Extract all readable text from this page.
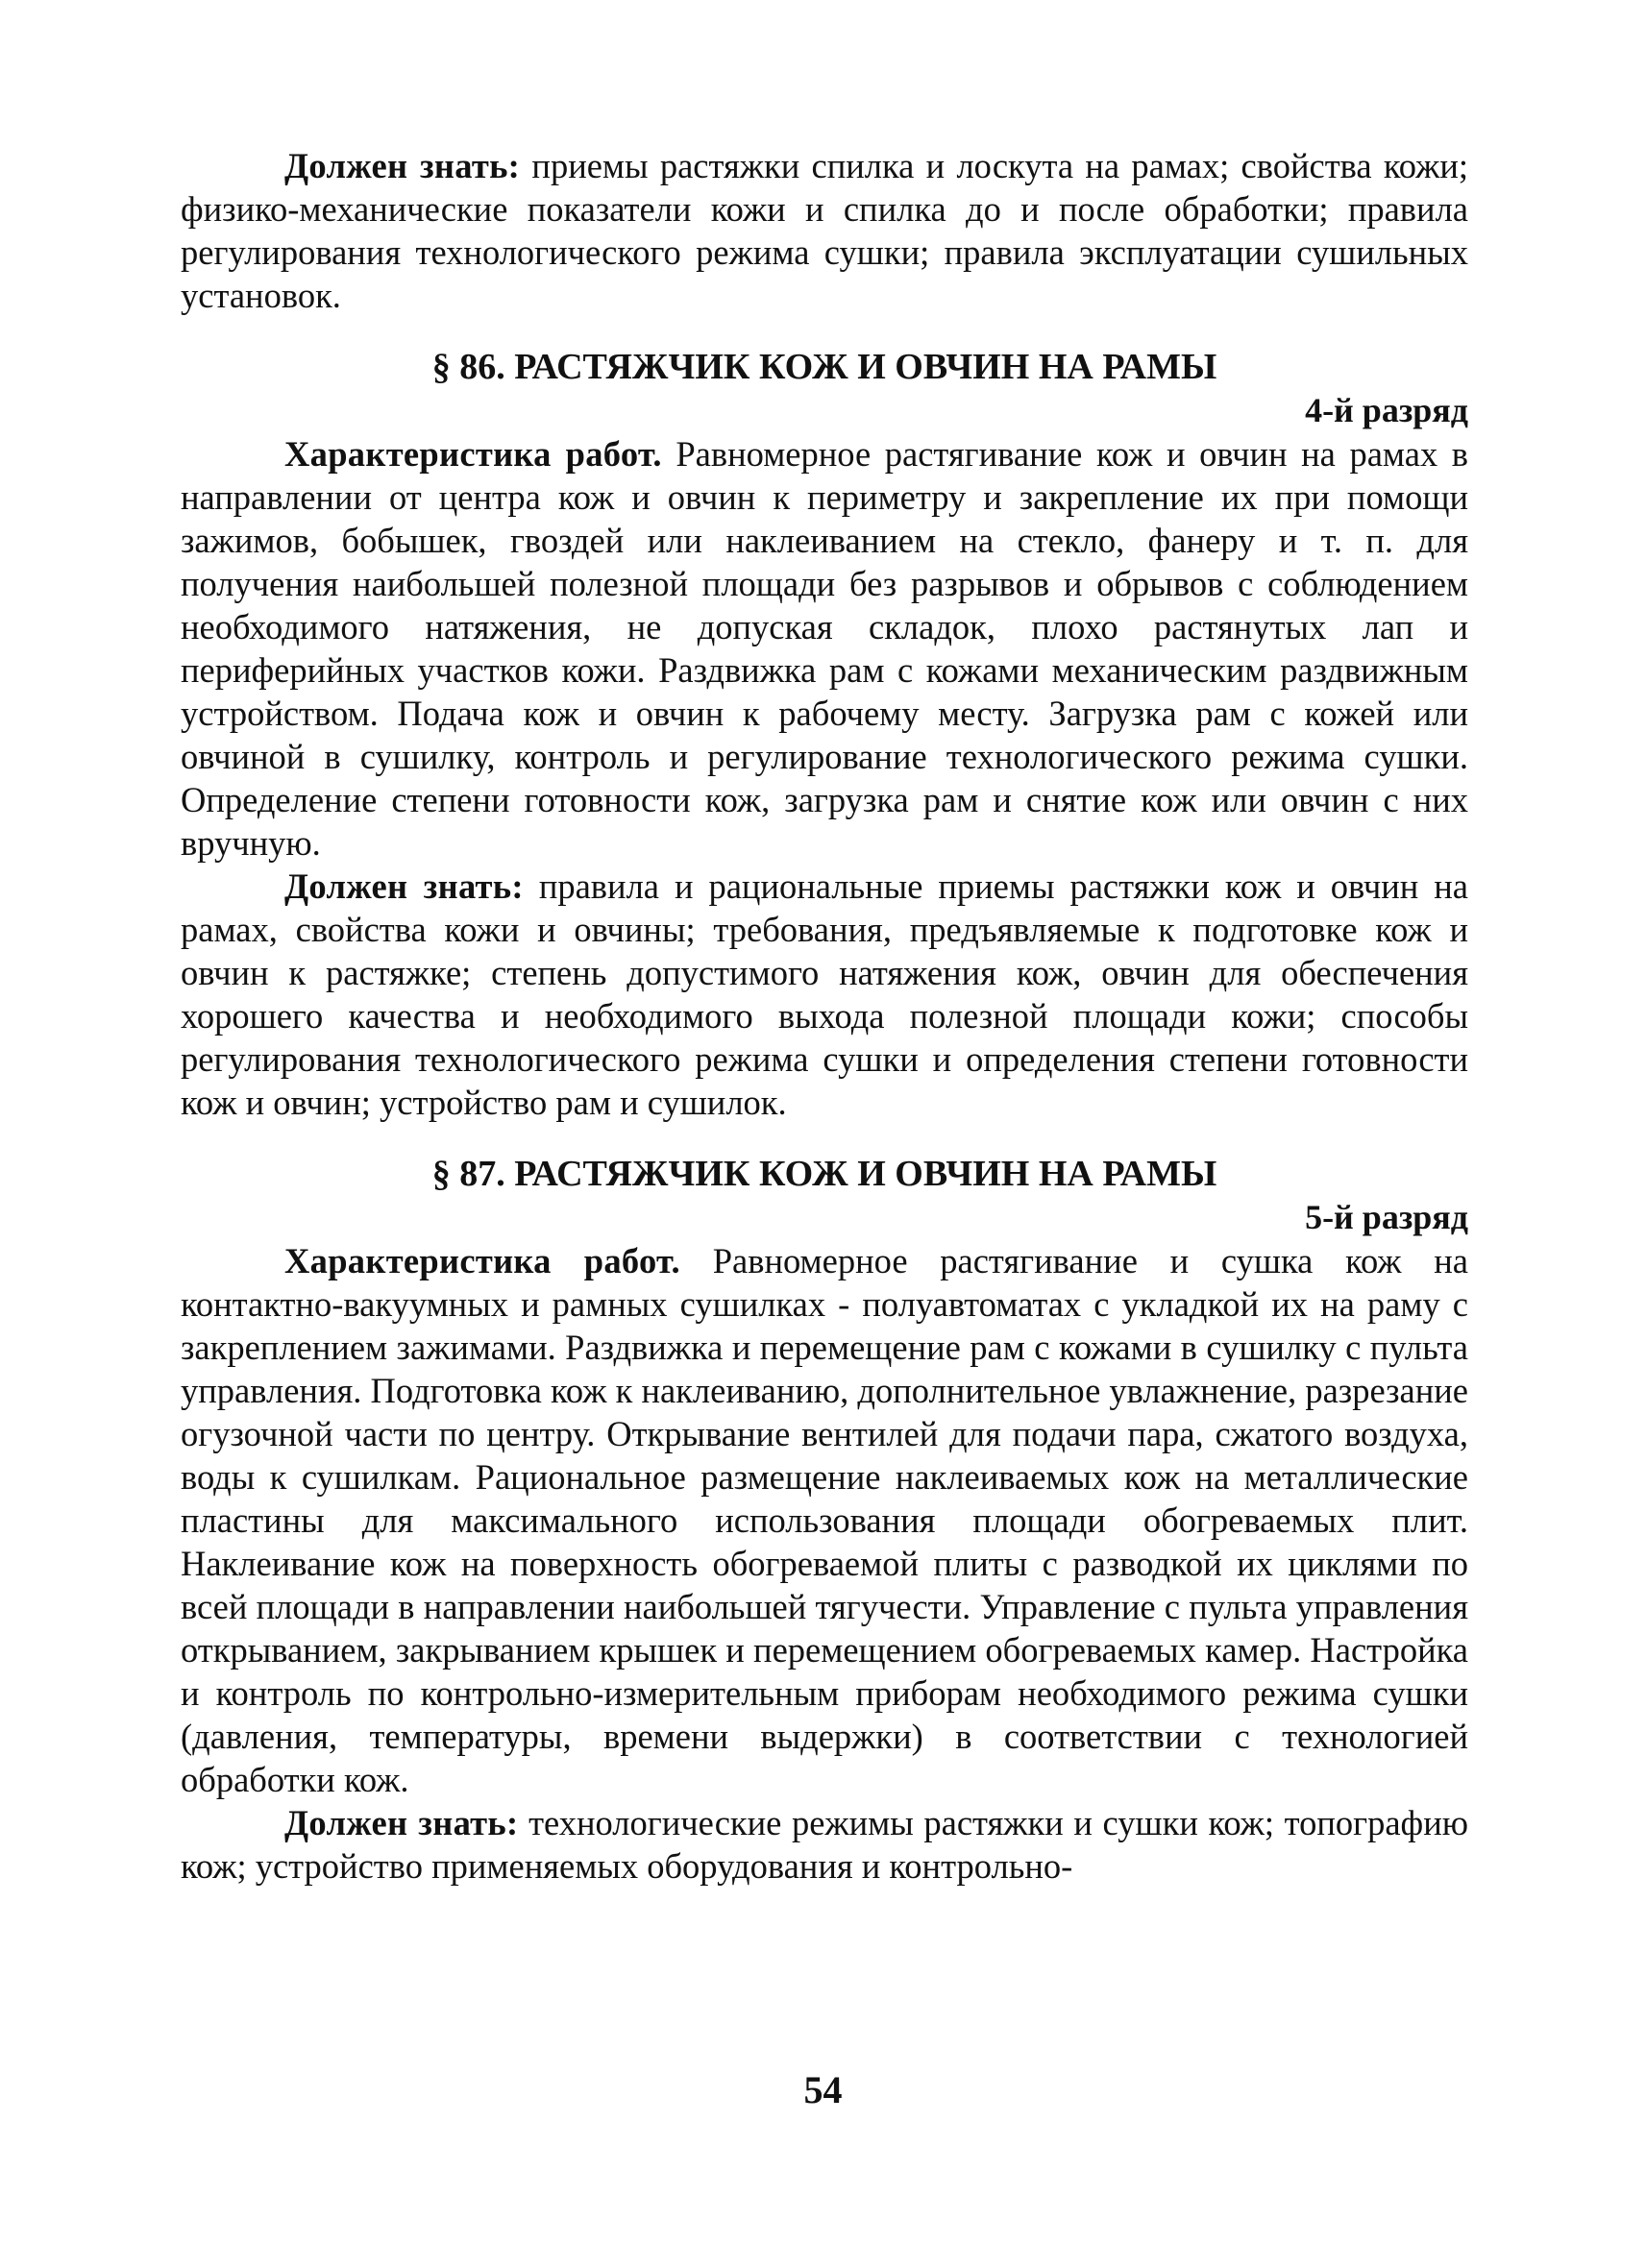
Должен знать: приемы растяжки спилка и лоскута на рамах; свойства кожи; физико-механические показатели кожи и спилка до и после обработки; правила регулирования технологического режима сушки; правила эксплуатации сушильных установок.

§ 86. РАСТЯЖЧИК КОЖ И ОВЧИН НА РАМЫ
4-й разряд

Характеристика работ. Равномерное растягивание кож и овчин на рамах в направлении от центра кож и овчин к периметру и закрепление их при помощи зажимов, бобышек, гвоздей или наклеиванием на стекло, фанеру и т. п. для получения наибольшей полезной площади без разрывов и обрывов с соблюдением необходимого натяжения, не допуская складок, плохо растянутых лап и периферийных участков кожи. Раздвижка рам с кожами механическим раздвижным устройством. Подача кож и овчин к рабочему месту. Загрузка рам с кожей или овчиной в сушилку, контроль и регулирование технологического режима сушки. Определение степени готовности кож, загрузка рам и снятие кож или овчин с них вручную.

Должен знать: правила и рациональные приемы растяжки кож и овчин на рамах, свойства кожи и овчины; требования, предъявляемые к подготовке кож и овчин к растяжке; степень допустимого натяжения кож, овчин для обеспечения хорошего качества и необходимого выхода полезной площади кожи; способы регулирования технологического режима сушки и определения степени готовности кож и овчин; устройство рам и сушилок.

§ 87. РАСТЯЖЧИК КОЖ И ОВЧИН НА РАМЫ
5-й разряд

Характеристика работ. Равномерное растягивание и сушка кож на контактно-вакуумных и рамных сушилках - полуавтоматах с укладкой их на раму с закреплением зажимами. Раздвижка и перемещение рам с кожами в сушилку с пульта управления. Подготовка кож к наклеиванию, дополнительное увлажнение, разрезание огузочной части по центру. Открывание вентилей для подачи пара, сжатого воздуха, воды к сушилкам. Рациональное размещение наклеиваемых кож на металлические пластины для максимального использования площади обогреваемых плит. Наклеивание кож на поверхность обогреваемой плиты с разводкой их циклями по всей площади в направлении наибольшей тягучести. Управление с пульта управления открыванием, закрыванием крышек и перемещением обогреваемых камер. Настройка и контроль по контрольно-измерительным приборам необходимого режима сушки (давления, температуры, времени выдержки) в соответствии с технологией обработки кож.

Должен знать: технологические режимы растяжки и сушки кож; топографию кож; устройство применяемых оборудования и контрольно-

54
